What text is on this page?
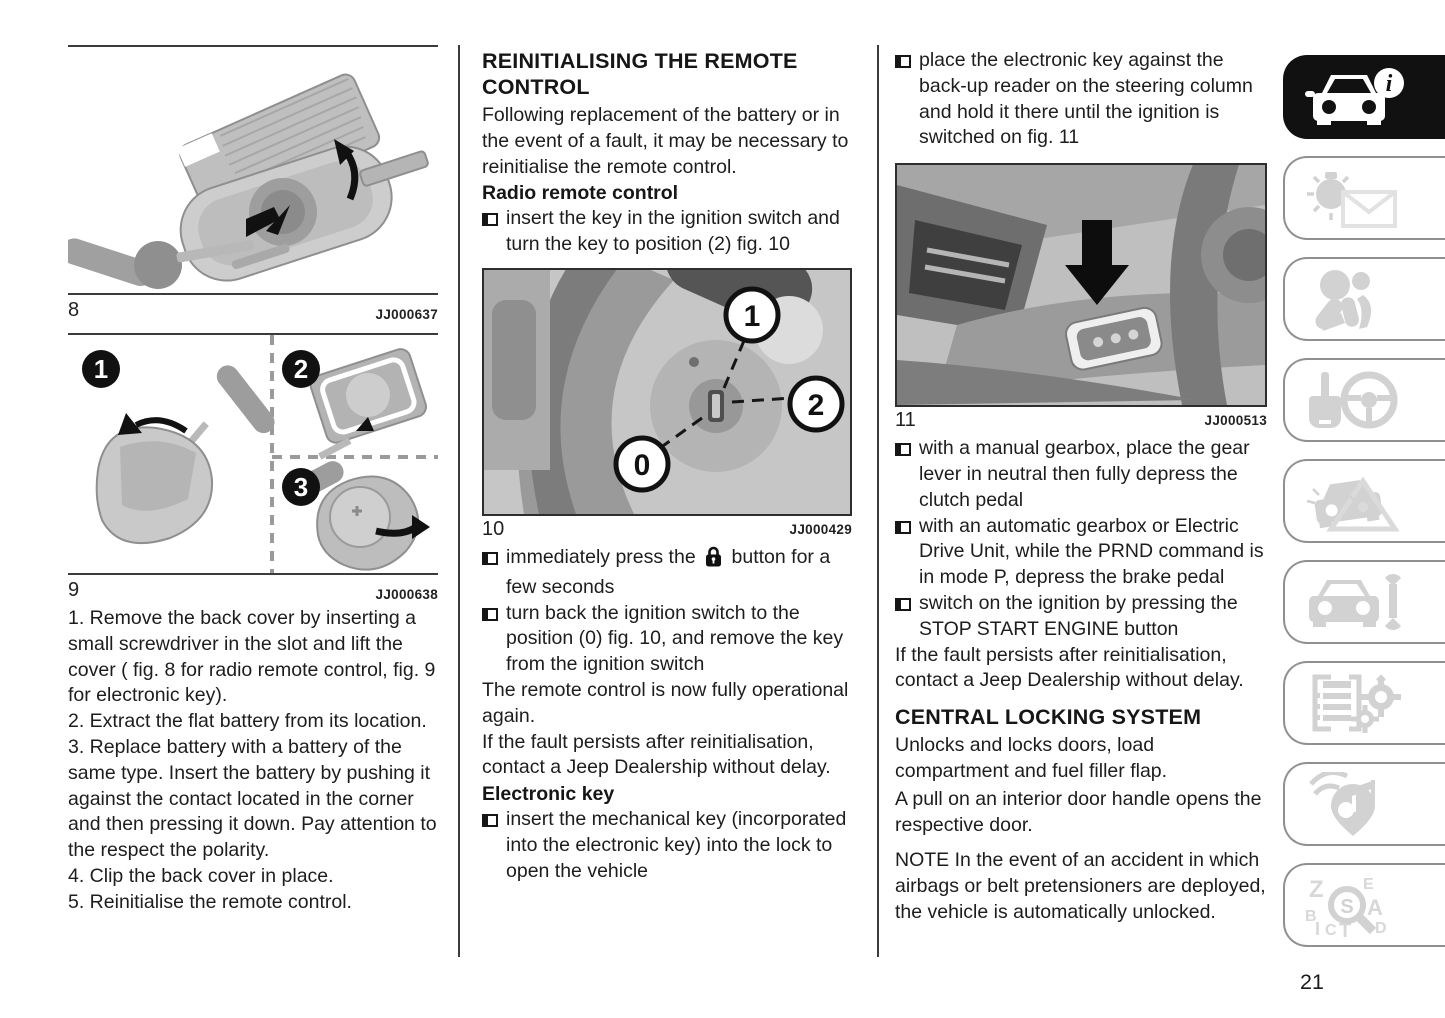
8	JJ000637
1	2
3
9	JJ000638

1. Remove the back cover by inserting a small screwdriver in the slot and lift the cover ( fig. 8 for radio remote control, fig. 9 for electronic key).

2. Extract the flat battery from its location.

3. Replace battery with a battery of the same type. Insert the battery by pushing it against the contact located in the corner and then pressing it down. Pay attention to the respect the polarity.

4. Clip the back cover in place.

5. Reinitialise the remote control.

REINITIALISING THE REMOTE CONTROL

Following replacement of the battery or in the event of a fault, it may be necessary to reinitialise the remote control.

Radio remote control
insert the key in the ignition switch and turn the key to position (2) fig. 10
1
2
0
10	JJ000429
immediately press the button for a few seconds
turn back the ignition switch to the position (0) fig. 10, and remove the key from the ignition switch

The remote control is now fully operational again.

If the fault persists after reinitialisation, contact a Jeep Dealership without delay.

Electronic key
insert the mechanical key (incorporated into the electronic key) into the lock to open the vehicle
place the electronic key against the back-up reader on the steering column and hold it there until the ignition is switched on fig. 11
11	JJ000513
with a manual gearbox, place the gear lever in neutral then fully depress the clutch pedal
with an automatic gearbox or Electric Drive Unit, while the PRND command is in mode P, depress the brake pedal
switch on the ignition by pressing the STOP START ENGINE button

If the fault persists after reinitialisation, contact a Jeep Dealership without delay.

CENTRAL LOCKING SYSTEM

Unlocks and locks doors, load compartment and fuel filler flap.

A pull on an interior door handle opens the respective door.

NOTE In the event of an accident in which airbags or belt pretensioners are deployed, the vehicle is automatically unlocked.

i
Z E
B A
D
I C T
S
21
